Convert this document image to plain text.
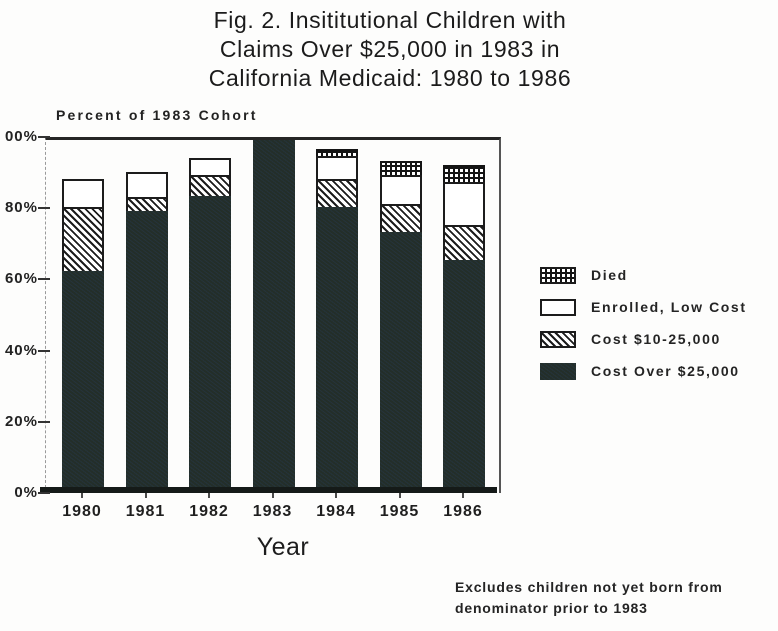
Fig. 2. Insititutional Children with
Claims Over $25,000 in 1983 in
California Medicaid: 1980 to 1986
Percent of 1983 Cohort
00%
80%
60%
40%
20%
0%
1980	1981	1982	1983	1984	1985	1986
Year
Died
Enrolled, Low Cost
Cost $10-25,000
Cost Over $25,000
Excludes children not yet born from
denominator prior to 1983
